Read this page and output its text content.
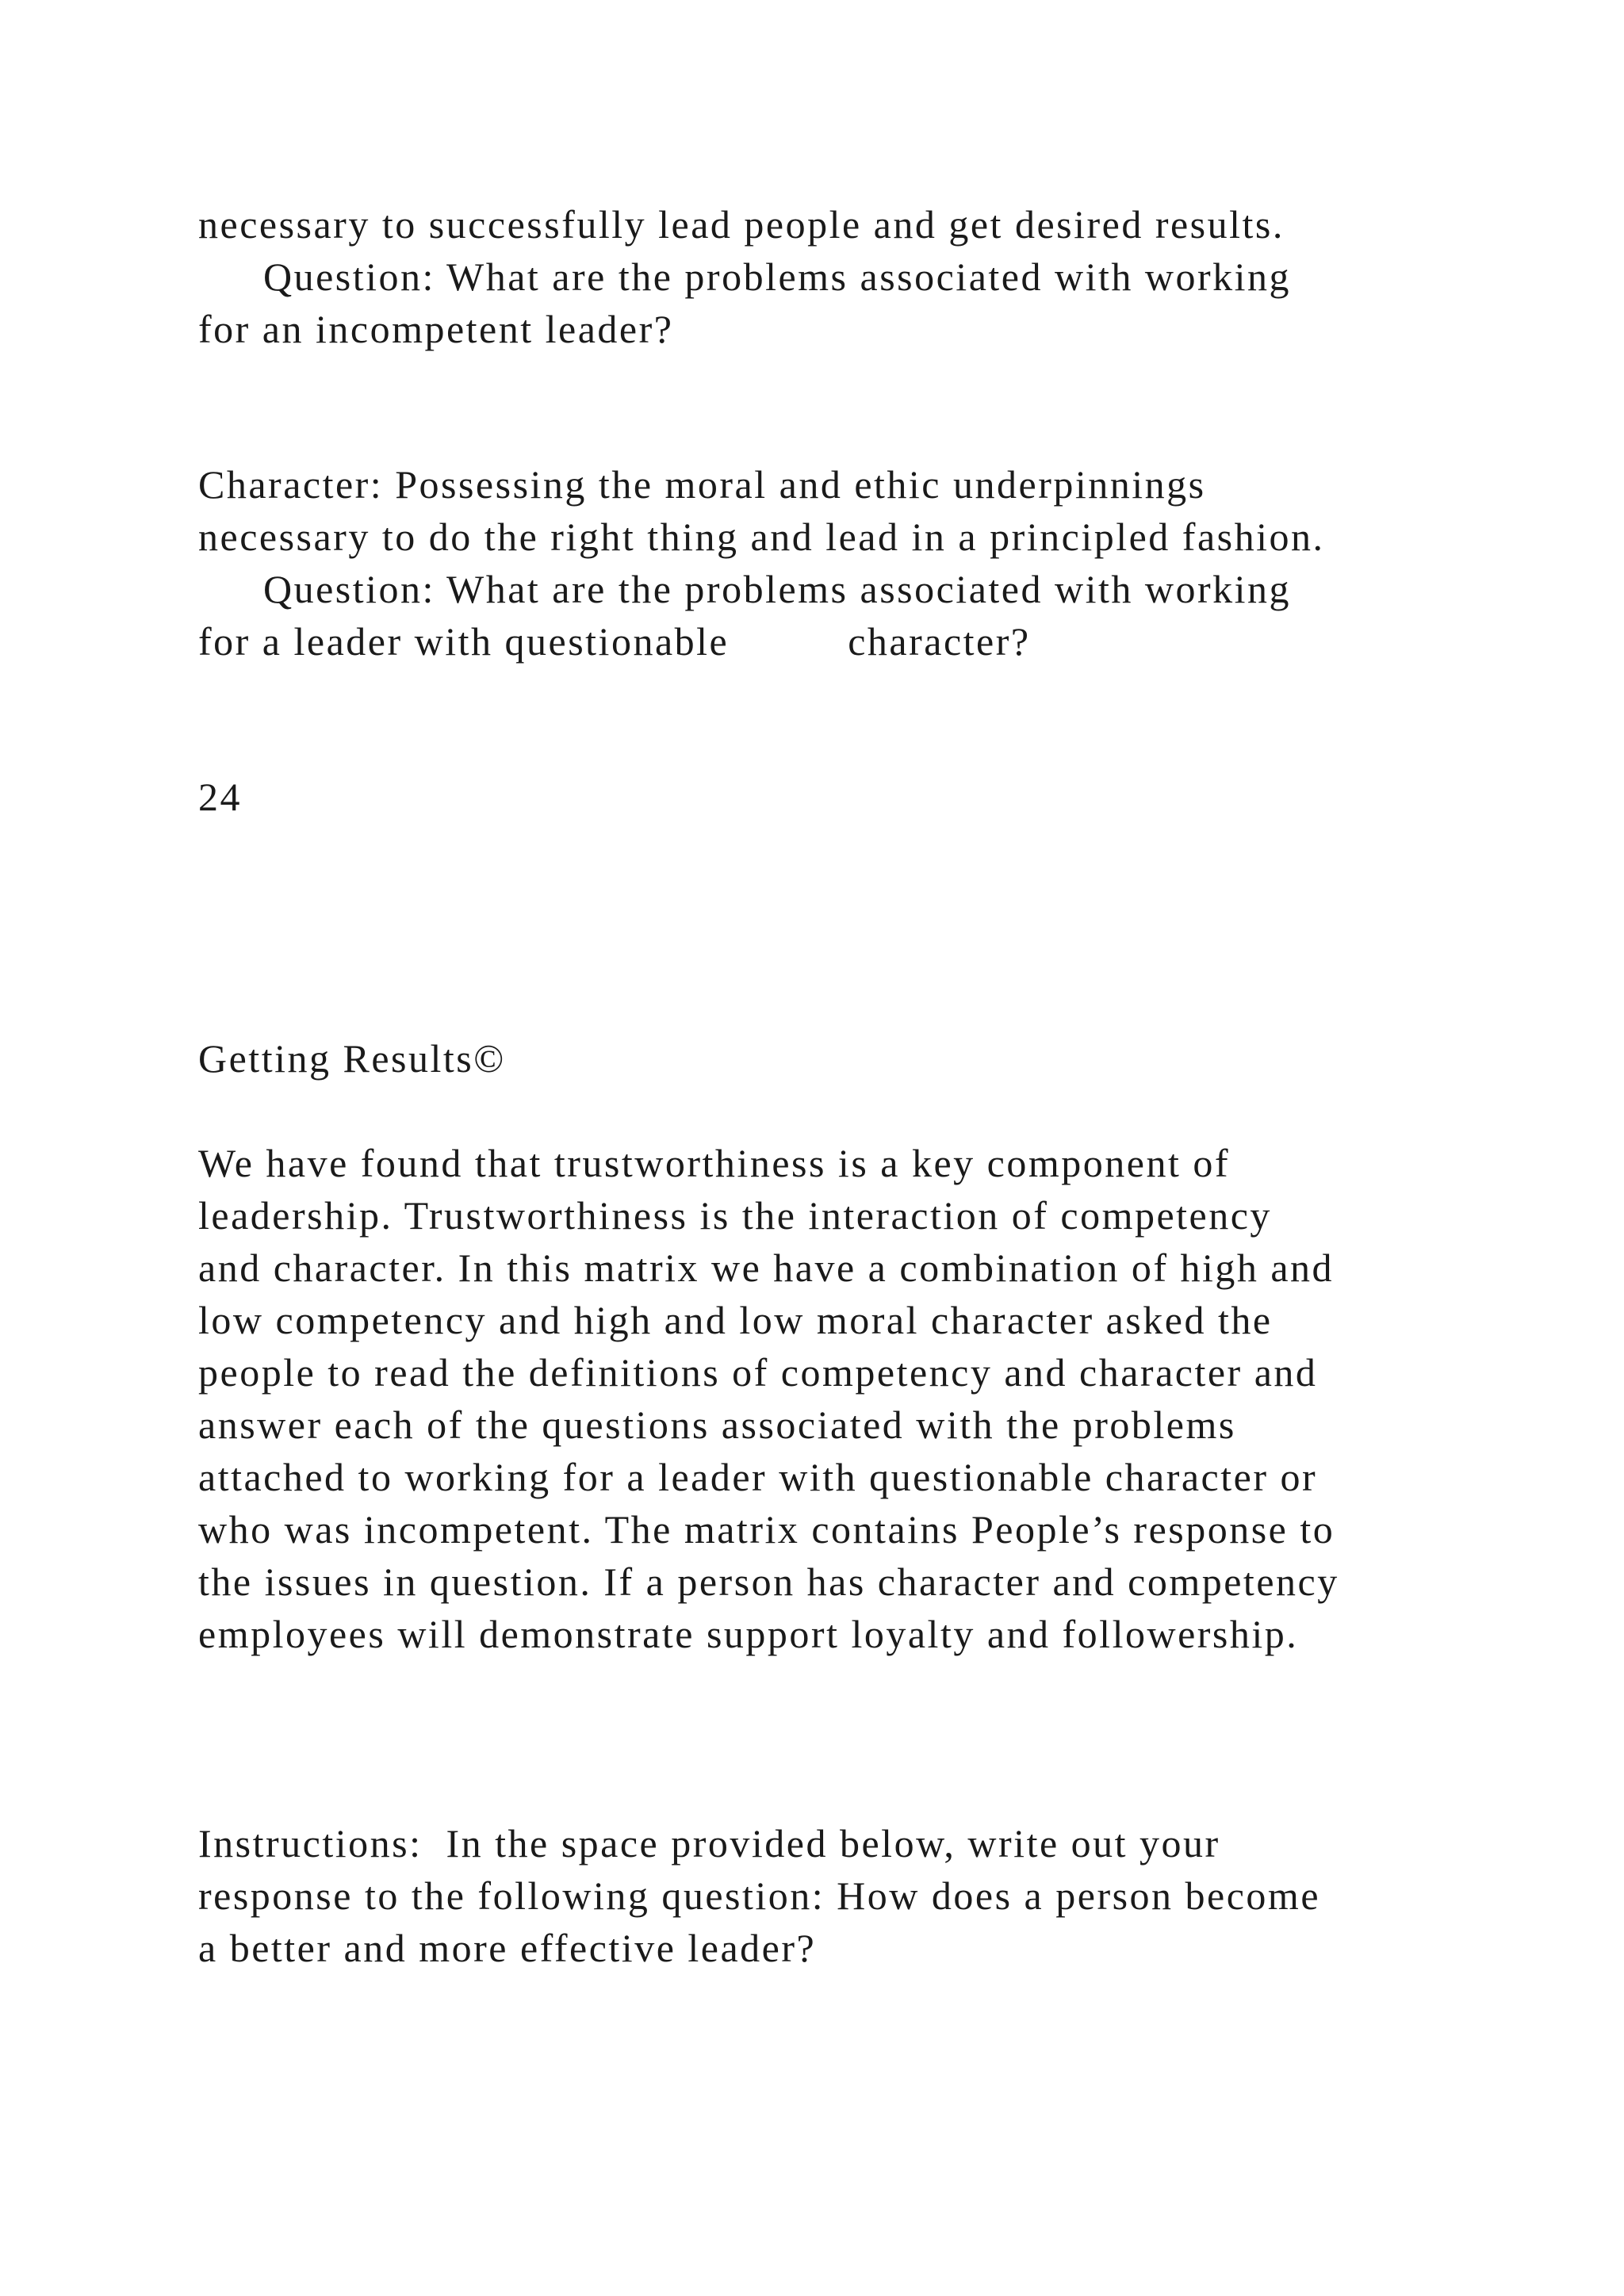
necessary to successfully lead people and get desired results.

Question: What are the problems associated with working

for an incompetent leader?

Character: Possessing the moral and ethic underpinnings

necessary to do the right thing and lead in a principled fashion.

Question: What are the problems associated with working

for a leader with questionable          character?

24

Getting Results©

We have found that trustworthiness is a key component of

leadership. Trustworthiness is the interaction of competency

and character. In this matrix we have a combination of high and

low competency and high and low moral character asked the

people to read the definitions of competency and character and

answer each of the questions associated with the problems

attached to working for a leader with questionable character or

who was incompetent. The matrix contains People’s response to

the issues in question. If a person has character and competency

employees will demonstrate support loyalty and followership.

Instructions:  In the space provided below, write out your

response to the following question: How does a person become

a better and more effective leader?
